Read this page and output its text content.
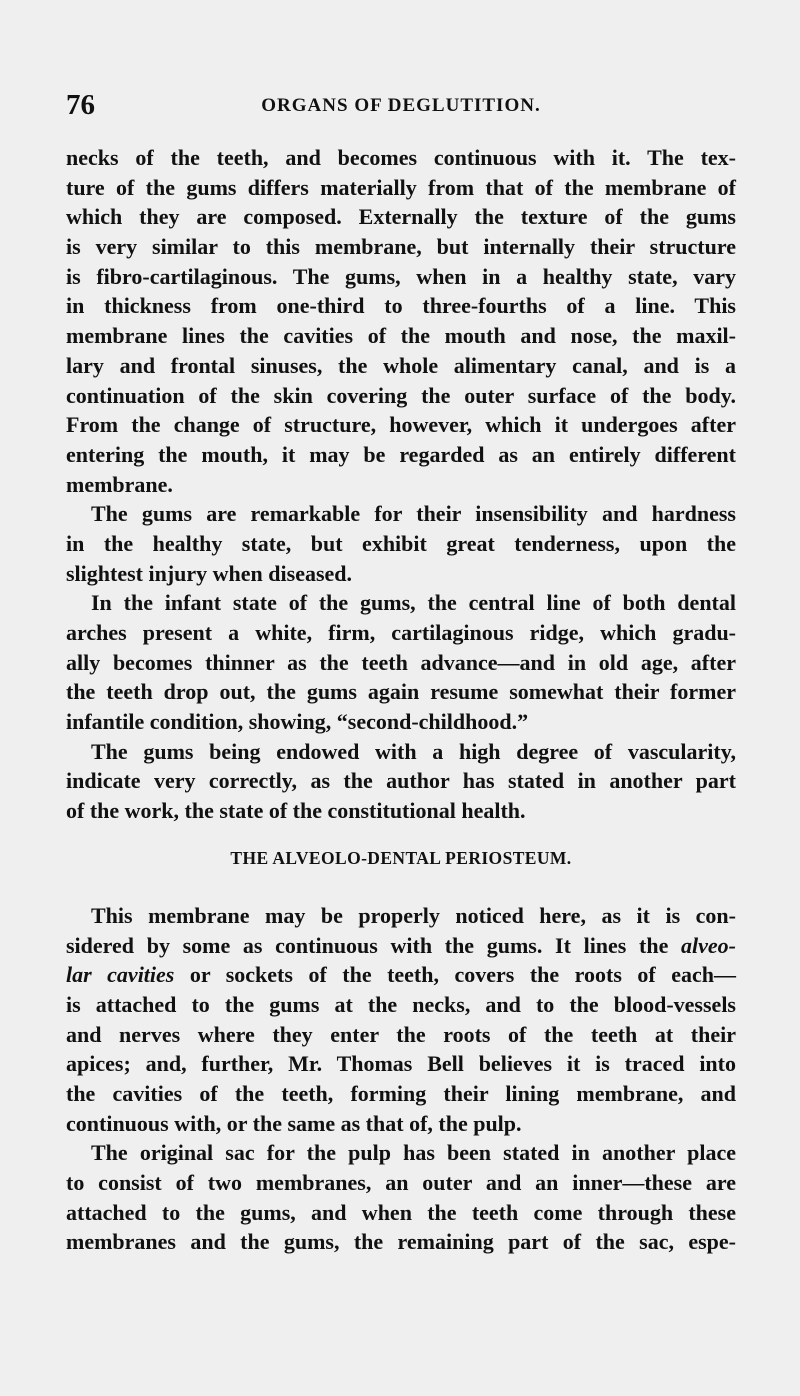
76	ORGANS OF DEGLUTITION.
necks of the teeth, and becomes continuous with it. The tex-
ture of the gums differs materially from that of the membrane of
which they are composed. Externally the texture of the gums
is very similar to this membrane, but internally their structure
is fibro-cartilaginous. The gums, when in a healthy state, vary
in thickness from one-third to three-fourths of a line. This
membrane lines the cavities of the mouth and nose, the maxil-
lary and frontal sinuses, the whole alimentary canal, and is a
continuation of the skin covering the outer surface of the body.
From the change of structure, however, which it undergoes after
entering the mouth, it may be regarded as an entirely different
membrane.
The gums are remarkable for their insensibility and hardness
in the healthy state, but exhibit great tenderness, upon the
slightest injury when diseased.
In the infant state of the gums, the central line of both dental
arches present a white, firm, cartilaginous ridge, which gradu-
ally becomes thinner as the teeth advance—and in old age, after
the teeth drop out, the gums again resume somewhat their former
infantile condition, showing, “second-childhood.”
The gums being endowed with a high degree of vascularity,
indicate very correctly, as the author has stated in another part
of the work, the state of the constitutional health.
THE ALVEOLO-DENTAL PERIOSTEUM.
This membrane may be properly noticed here, as it is con-
sidered by some as continuous with the gums. It lines the alveo-
lar cavities or sockets of the teeth, covers the roots of each—
is attached to the gums at the necks, and to the blood-vessels
and nerves where they enter the roots of the teeth at their
apices; and, further, Mr. Thomas Bell believes it is traced into
the cavities of the teeth, forming their lining membrane, and
continuous with, or the same as that of, the pulp.
The original sac for the pulp has been stated in another place
to consist of two membranes, an outer and an inner—these are
attached to the gums, and when the teeth come through these
membranes and the gums, the remaining part of the sac, espe-
